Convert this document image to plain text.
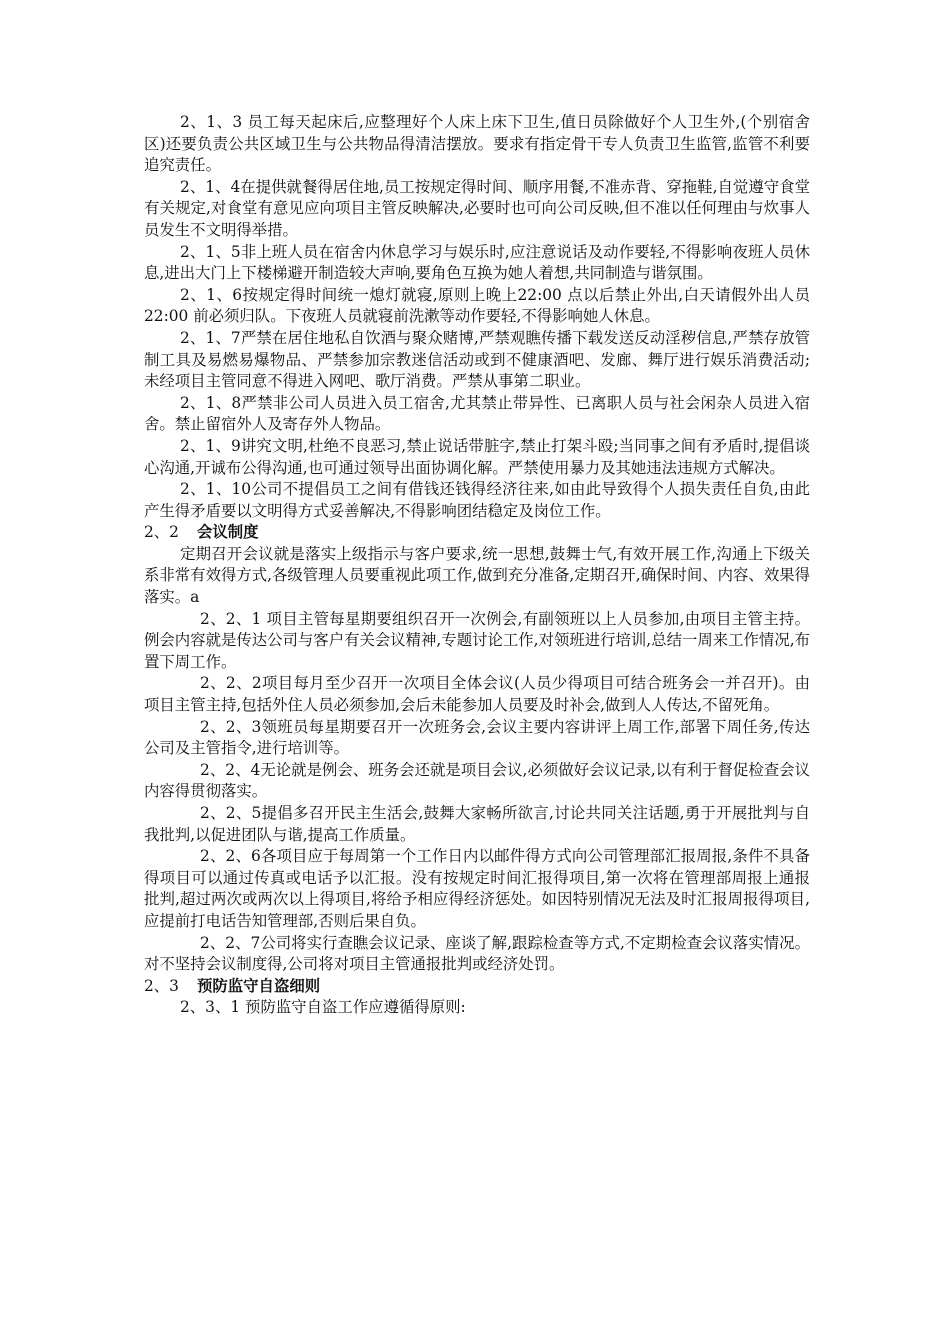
2、1、3 员工每天起床后,应整理好个人床上床下卫生,值日员除做好个人卫生外,(个别宿舍区)还要负责公共区域卫生与公共物品得清洁摆放。要求有指定骨干专人负责卫生监管,监管不利要追究责任。

2、1、4在提供就餐得居住地,员工按规定得时间、顺序用餐,不准赤背、穿拖鞋,自觉遵守食堂有关规定,对食堂有意见应向项目主管反映解决,必要时也可向公司反映,但不准以任何理由与炊事人员发生不文明得举措。

2、1、5非上班人员在宿舍内休息学习与娱乐时,应注意说话及动作要轻,不得影响夜班人员休息,进出大门上下楼梯避开制造较大声响,要角色互换为她人着想,共同制造与谐氛围。

2、1、6按规定得时间统一熄灯就寝,原则上晚上22:00 点以后禁止外出,白天请假外出人员22:00 前必须归队。下夜班人员就寝前洗漱等动作要轻,不得影响她人休息。

2、1、7严禁在居住地私自饮酒与聚众赌博,严禁观瞧传播下载发送反动淫秽信息,严禁存放管制工具及易燃易爆物品、严禁参加宗教迷信活动或到不健康酒吧、发廊、舞厅进行娱乐消费活动;未经项目主管同意不得进入网吧、歌厅消费。严禁从事第二职业。

2、1、8严禁非公司人员进入员工宿舍,尤其禁止带异性、已离职人员与社会闲杂人员进入宿舍。禁止留宿外人及寄存外人物品。

2、1、9讲究文明,杜绝不良恶习,禁止说话带脏字,禁止打架斗殴;当同事之间有矛盾时,提倡谈心沟通,开诚布公得沟通,也可通过领导出面协调化解。严禁使用暴力及其她违法违规方式解决。

2、1、10公司不提倡员工之间有借钱还钱得经济往来,如由此导致得个人损失责任自负,由此产生得矛盾要以文明得方式妥善解决,不得影响团结稳定及岗位工作。

2、2 会议制度

定期召开会议就是落实上级指示与客户要求,统一思想,鼓舞士气,有效开展工作,沟通上下级关系非常有效得方式,各级管理人员要重视此项工作,做到充分准备,定期召开,确保时间、内容、效果得落实。a

2、2、1 项目主管每星期要组织召开一次例会,有副领班以上人员参加,由项目主管主持。例会内容就是传达公司与客户有关会议精神,专题讨论工作,对领班进行培训,总结一周来工作情况,布置下周工作。

2、2、2项目每月至少召开一次项目全体会议(人员少得项目可结合班务会一并召开)。由项目主管主持,包括外住人员必须参加,会后未能参加人员要及时补会,做到人人传达,不留死角。

2、2、3领班员每星期要召开一次班务会,会议主要内容讲评上周工作,部署下周任务,传达公司及主管指令,进行培训等。

2、2、4无论就是例会、班务会还就是项目会议,必须做好会议记录,以有利于督促检查会议内容得贯彻落实。

2、2、5提倡多召开民主生活会,鼓舞大家畅所欲言,讨论共同关注话题,勇于开展批判与自我批判,以促进团队与谐,提高工作质量。

2、2、6各项目应于每周第一个工作日内以邮件得方式向公司管理部汇报周报,条件不具备得项目可以通过传真或电话予以汇报。没有按规定时间汇报得项目,第一次将在管理部周报上通报批判,超过两次或两次以上得项目,将给予相应得经济惩处。如因特别情况无法及时汇报周报得项目,应提前打电话告知管理部,否则后果自负。

2、2、7公司将实行查瞧会议记录、座谈了解,跟踪检查等方式,不定期检查会议落实情况。对不坚持会议制度得,公司将对项目主管通报批判或经济处罚。

2、3 预防监守自盗细则

2、3、1 预防监守自盗工作应遵循得原则:
